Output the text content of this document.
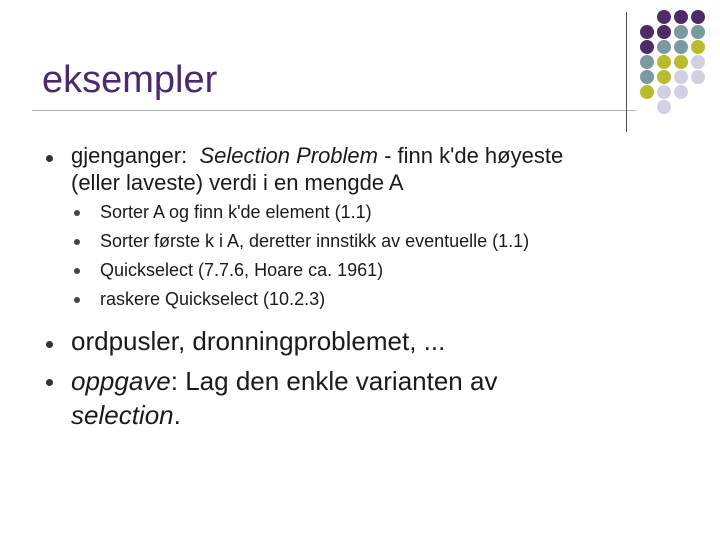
eksempler
gjenganger: Selection Problem - finn k'de høyeste
(eller laveste) verdi i en mengde A
Sorter A og finn k'de element (1.1)
Sorter første k i A, deretter innstikk av eventuelle (1.1)
Quickselect (7.7.6, Hoare ca. 1961)
raskere Quickselect (10.2.3)
ordpusler, dronningproblemet, ...
oppgave: Lag den enkle varianten av
selection.
